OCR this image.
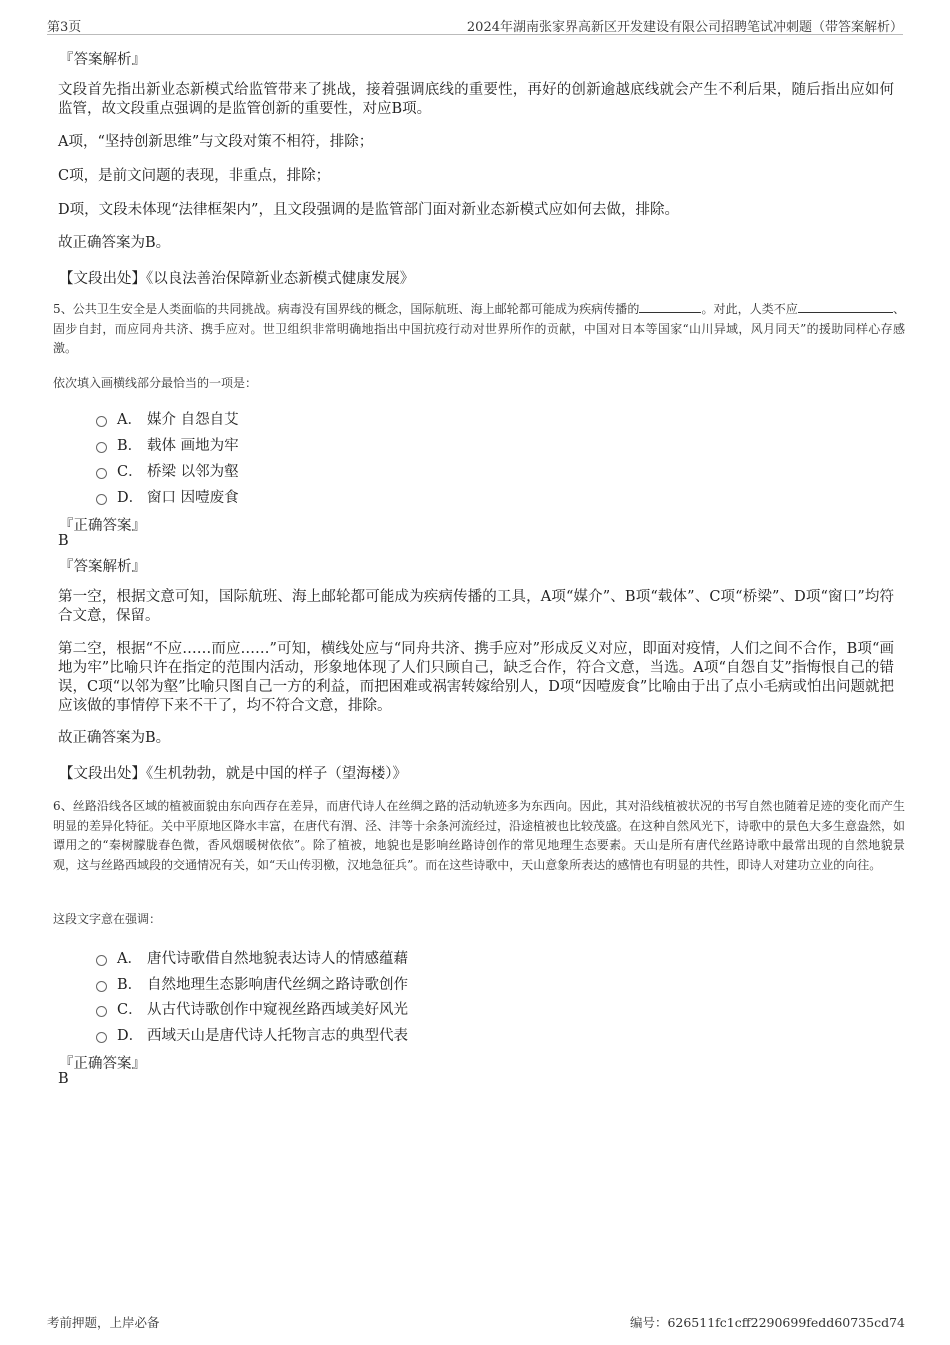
第3页	2024年湖南张家界高新区开发建设有限公司招聘笔试冲刺题（带答案解析）
『答案解析』
文段首先指出新业态新模式给监管带来了挑战，接着强调底线的重要性，再好的创新逾越底线就会产生不利后果，随后指出应如何监管，故文段重点强调的是监管创新的重要性，对应B项。
A项，“坚持创新思维”与文段对策不相符，排除；
C项，是前文问题的表现，非重点，排除；
D项，文段未体现“法律框架内”，且文段强调的是监管部门面对新业态新模式应如何去做，排除。
故正确答案为B。
【文段出处】《以良法善治保障新业态新模式健康发展》
5、公共卫生安全是人类面临的共同挑战。病毒没有国界线的概念，国际航班、海上邮轮都可能成为疾病传播的	。对此，人类不应	、固步自封，而应同舟共济、携手应对。世卫组织非常明确地指出中国抗疫行动对世界所作的贡献，中国对日本等国家“山川异域，风月同天”的援助同样心存感激。
依次填入画横线部分最恰当的一项是：
A． 媒介 自怨自艾
B． 载体 画地为牢
C． 桥梁 以邻为壑
D． 窗口 因噎废食
『正确答案』
B
『答案解析』
第一空，根据文意可知，国际航班、海上邮轮都可能成为疾病传播的工具，A项“媒介”、B项“载体”、C项“桥梁”、D项“窗口”均符合文意，保留。
第二空，根据“不应……而应……”可知，横线处应与“同舟共济、携手应对”形成反义对应，即面对疫情，人们之间不合作，B项“画地为牢”比喻只许在指定的范围内活动，形象地体现了人们只顾自己，缺乏合作，符合文意，当选。A项“自怨自艾”指悔恨自己的错误，C项“以邻为壑”比喻只图自己一方的利益，而把困难或祸害转嫁给别人，D项“因噎废食”比喻由于出了点小毛病或怕出问题就把应该做的事情停下来不干了，均不符合文意，排除。
故正确答案为B。
【文段出处】《生机勃勃，就是中国的样子（望海楼）》
6、丝路沿线各区域的植被面貌由东向西存在差异，而唐代诗人在丝绸之路的活动轨迹多为东西向。因此，其对沿线植被状况的书写自然也随着足迹的变化而产生明显的差异化特征。关中平原地区降水丰富，在唐代有渭、泾、沣等十余条河流经过，沿途植被也比较茂盛。在这种自然风光下，诗歌中的景色大多生意盎然，如谭用之的“秦树朦胧春色微，香风烟暖树依依”。除了植被，地貌也是影响丝路诗创作的常见地理生态要素。天山是所有唐代丝路诗歌中最常出现的自然地貌景观，这与丝路西域段的交通情况有关，如“天山传羽檄，汉地急征兵”。而在这些诗歌中，天山意象所表达的感情也有明显的共性，即诗人对建功立业的向往。
这段文字意在强调：
A． 唐代诗歌借自然地貌表达诗人的情感蕴藉
B． 自然地理生态影响唐代丝绸之路诗歌创作
C． 从古代诗歌创作中窥视丝路西域美好风光
D． 西域天山是唐代诗人托物言志的典型代表
『正确答案』
B
考前押题，上岸必备	编号：626511fc1cff2290699fedd60735cd74
